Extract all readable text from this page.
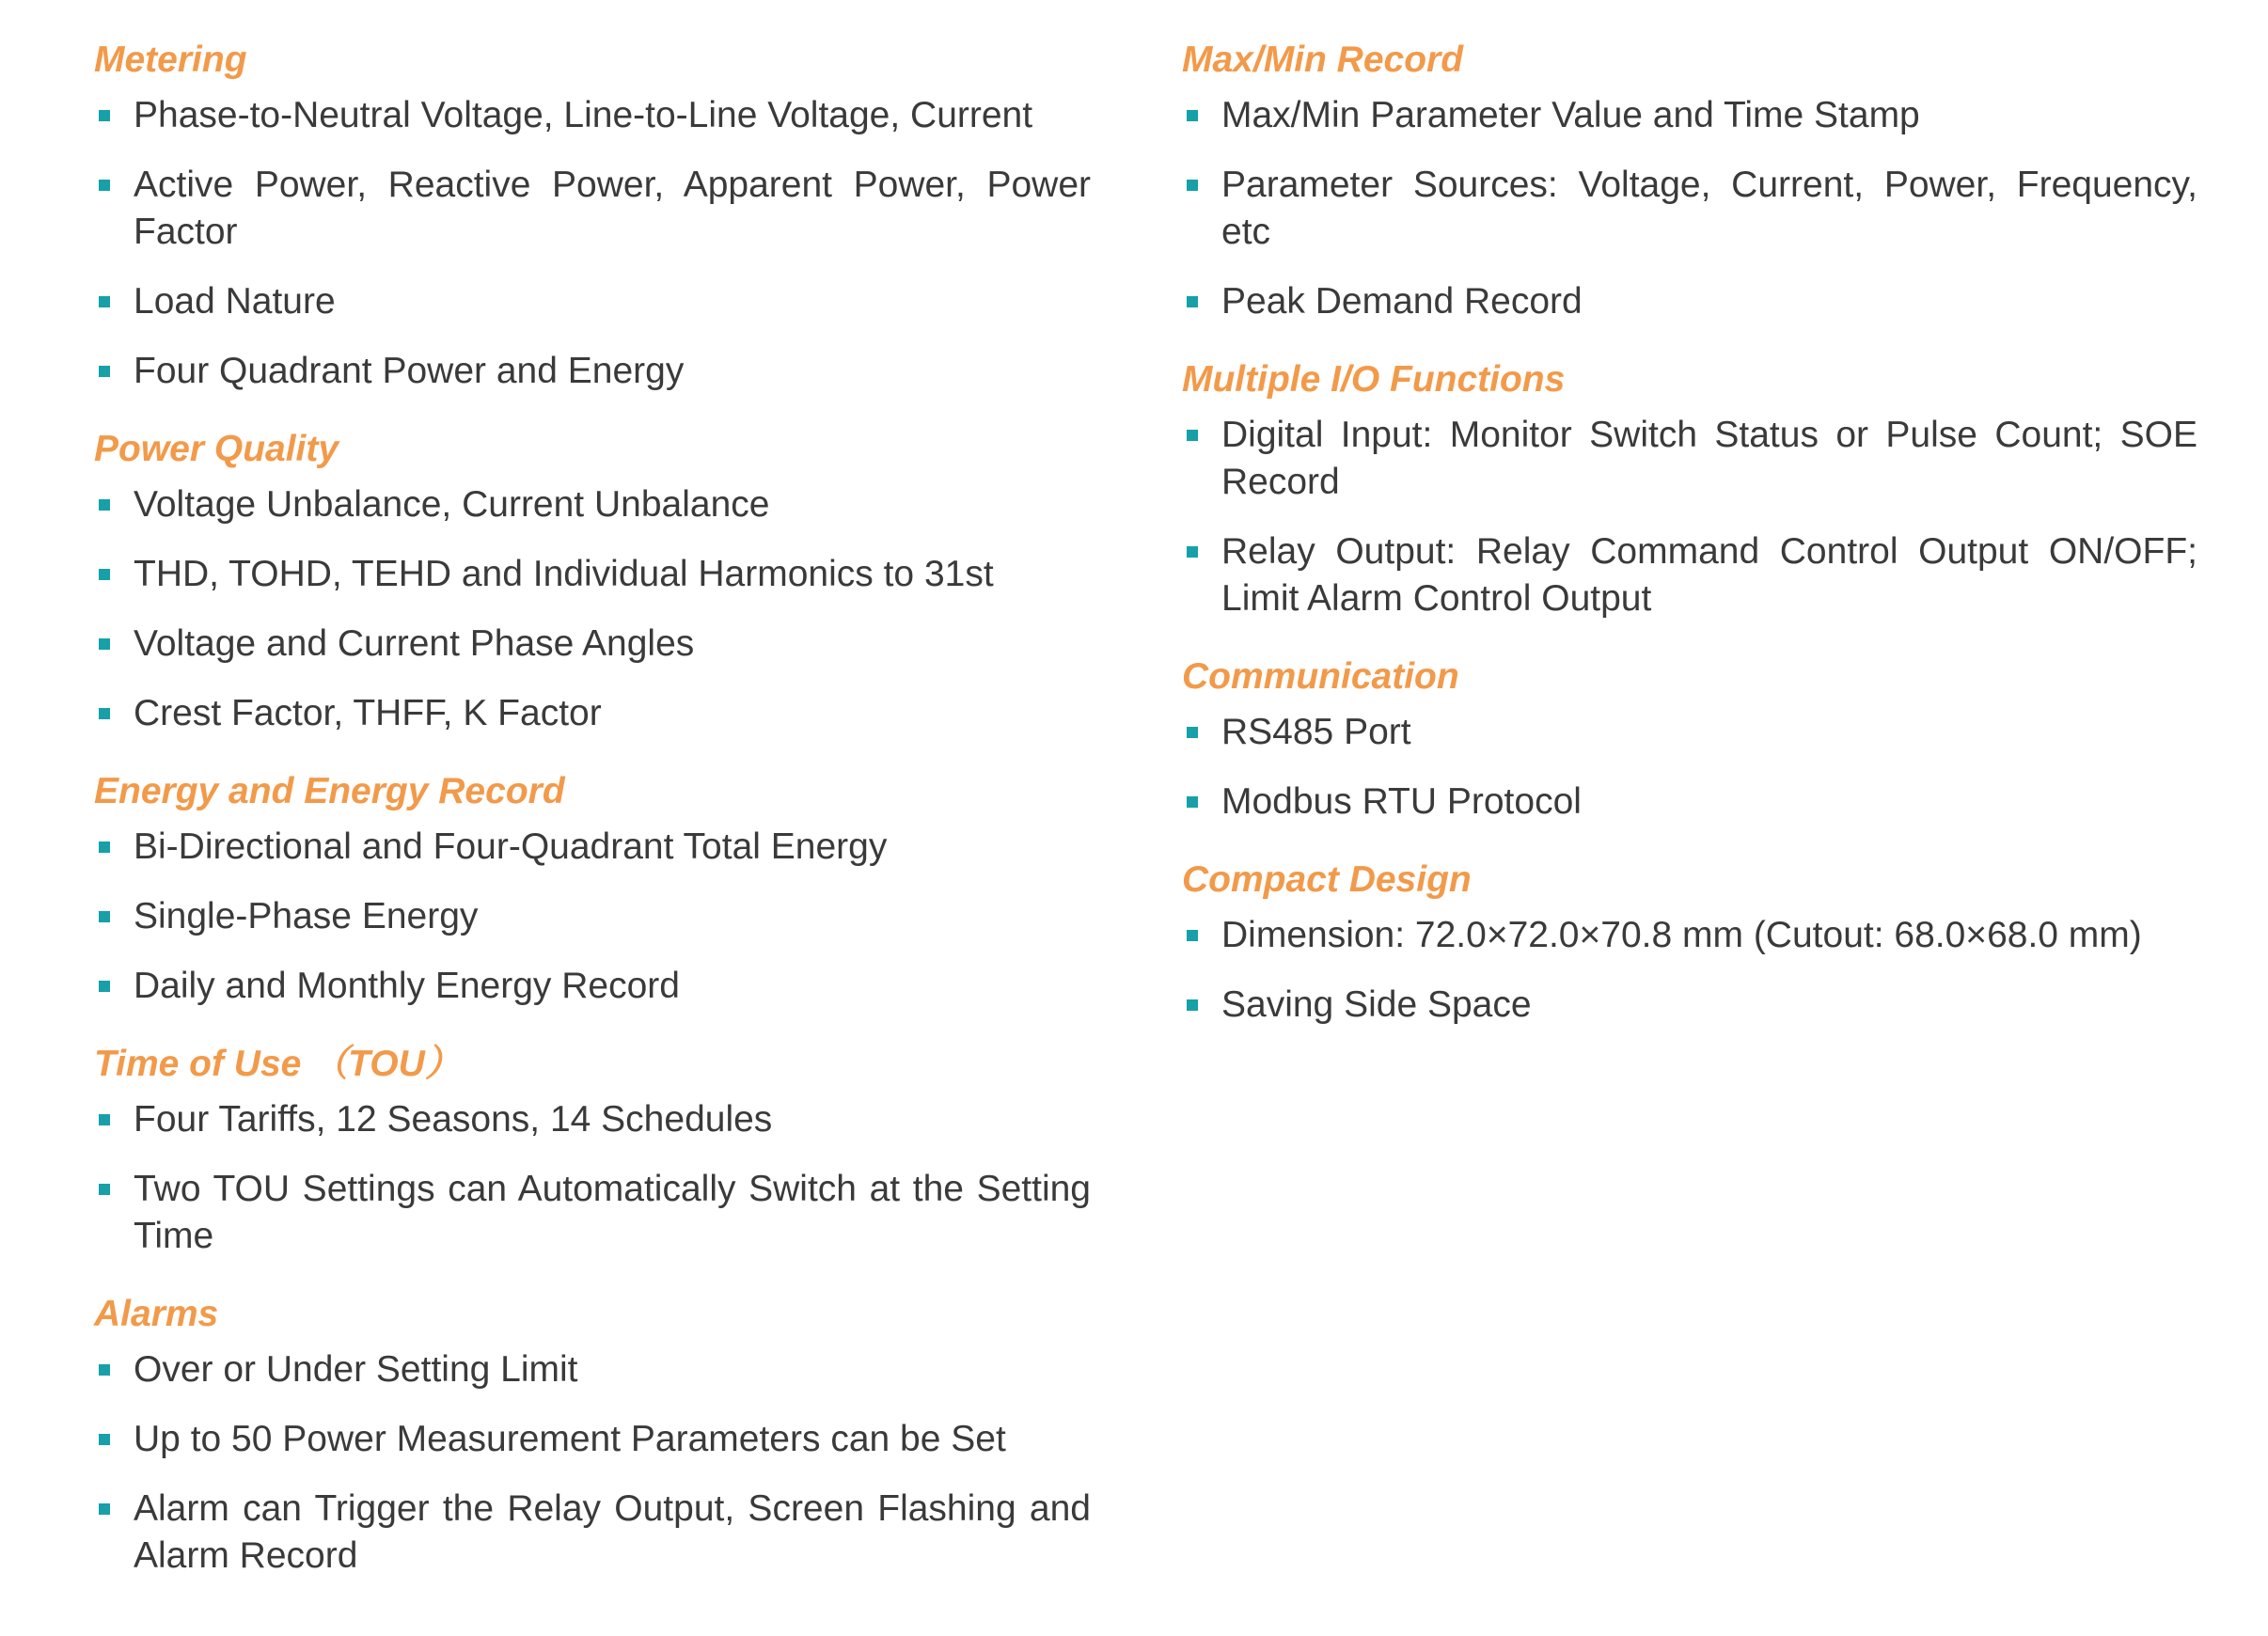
Metering
Phase-to-Neutral Voltage, Line-to-Line Voltage, Current
Active Power, Reactive Power, Apparent Power, Power Factor
Load Nature
Four Quadrant Power and Energy
Power Quality
Voltage Unbalance, Current Unbalance
THD, TOHD, TEHD and Individual Harmonics to 31st
Voltage and Current Phase Angles
Crest Factor, THFF, K Factor
Energy and Energy Record
Bi-Directional and Four-Quadrant Total Energy
Single-Phase Energy
Daily and Monthly Energy Record
Time of Use （TOU）
Four Tariffs, 12 Seasons, 14 Schedules
Two TOU Settings can Automatically Switch at the Setting Time
Alarms
Over or Under Setting Limit
Up to 50 Power Measurement Parameters can be Set
Alarm can Trigger the Relay Output, Screen Flashing and Alarm Record
Max/Min Record
Max/Min Parameter Value and Time Stamp
Parameter Sources: Voltage, Current, Power, Frequency, etc
Peak Demand Record
Multiple I/O Functions
Digital Input: Monitor Switch Status or Pulse Count; SOE Record
Relay Output: Relay Command Control Output ON/OFF; Limit Alarm Control Output
Communication
RS485 Port
Modbus RTU Protocol
Compact Design
Dimension: 72.0×72.0×70.8 mm (Cutout: 68.0×68.0 mm)
Saving Side Space
